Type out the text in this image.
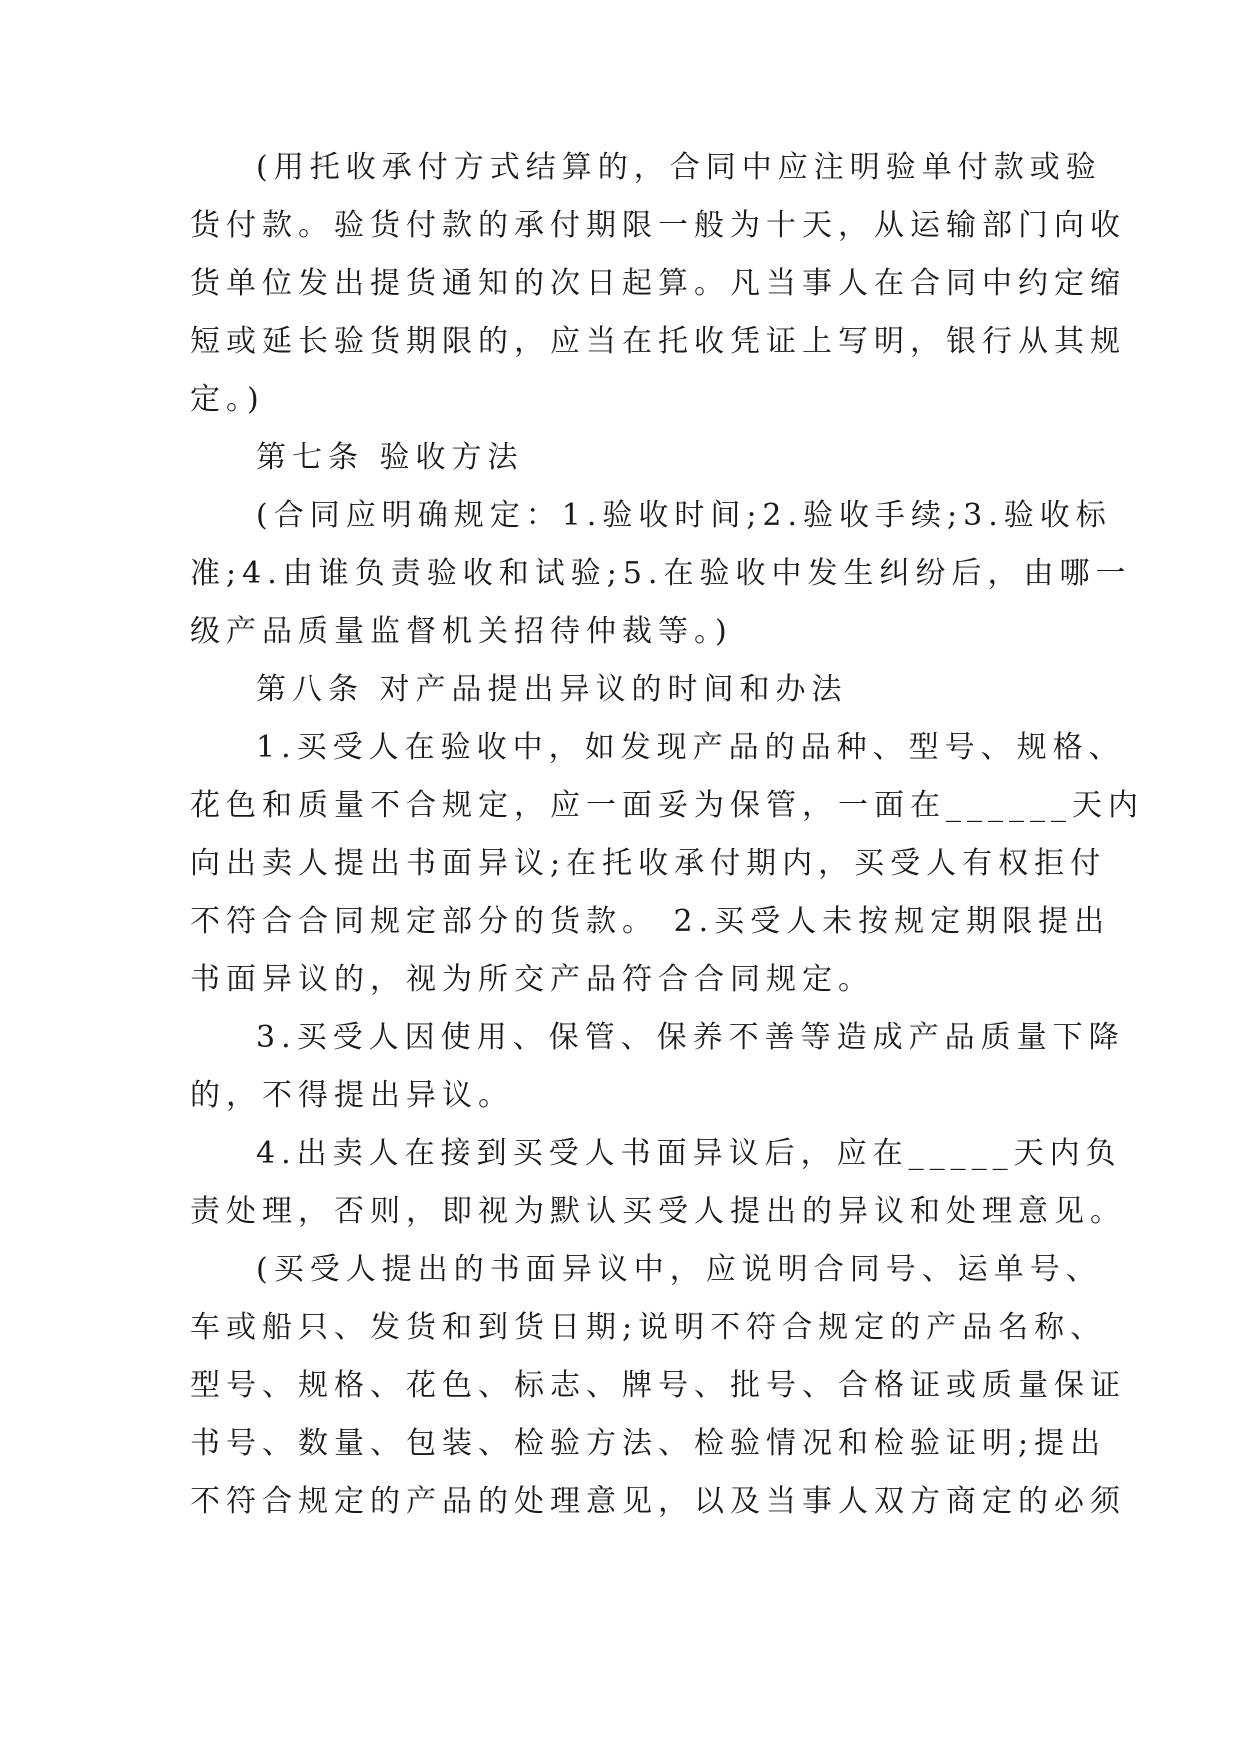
(用托收承付方式结算的，合同中应注明验单付款或验
货付款。验货付款的承付期限一般为十天，从运输部门向收
货单位发出提货通知的次日起算。凡当事人在合同中约定缩
短或延长验货期限的，应当在托收凭证上写明，银行从其规
定。)
第七条 验收方法
(合同应明确规定：1.验收时间;2.验收手续;3.验收标
准;4.由谁负责验收和试验;5.在验收中发生纠纷后，由哪一
级产品质量监督机关招待仲裁等。)
第八条 对产品提出异议的时间和办法
1.买受人在验收中，如发现产品的品种、型号、规格、
花色和质量不合规定，应一面妥为保管，一面在______天内
向出卖人提出书面异议;在托收承付期内，买受人有权拒付
不符合合同规定部分的货款。 2.买受人未按规定期限提出
书面异议的，视为所交产品符合合同规定。
3.买受人因使用、保管、保养不善等造成产品质量下降
的，不得提出异议。
4.出卖人在接到买受人书面异议后，应在_____天内负
责处理，否则，即视为默认买受人提出的异议和处理意见。
(买受人提出的书面异议中，应说明合同号、运单号、
车或船只、发货和到货日期;说明不符合规定的产品名称、
型号、规格、花色、标志、牌号、批号、合格证或质量保证
书号、数量、包装、检验方法、检验情况和检验证明;提出
不符合规定的产品的处理意见，以及当事人双方商定的必须
